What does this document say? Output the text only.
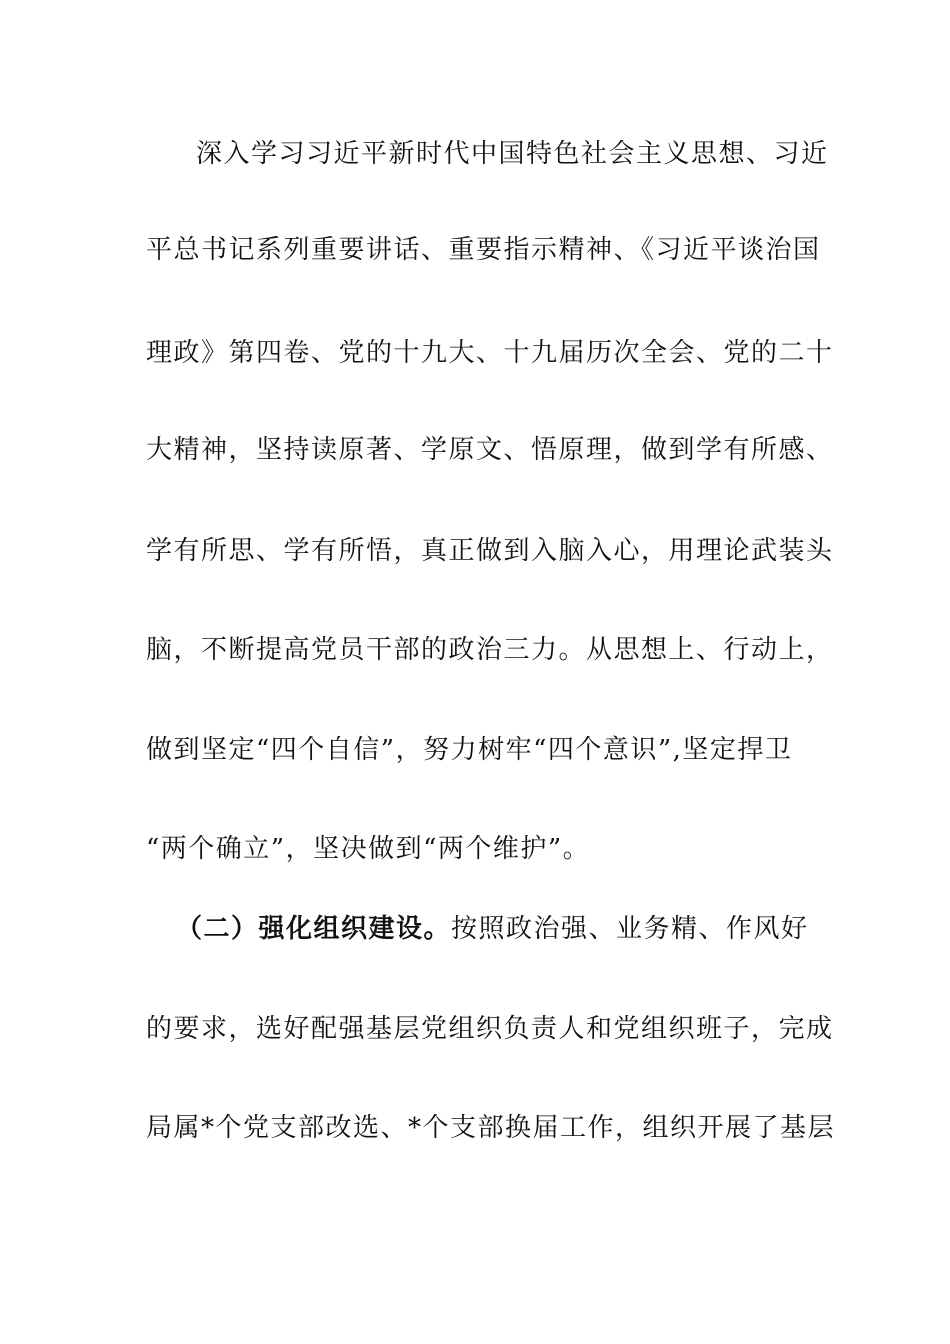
深入学习习近平新时代中国特色社会主义思想、习近
平总书记系列重要讲话、重要指示精神、《习近平谈治国
理政》第四卷、党的十九大、十九届历次全会、党的二十
大精神，坚持读原著、学原文、悟原理，做到学有所感、
学有所思、学有所悟，真正做到入脑入心，用理论武装头
脑，不断提高党员干部的政治三力。从思想上、行动上，
做到坚定“四个自信”，努力树牢“四个意识”,坚定捍卫
“两个确立”，坚决做到“两个维护”。
（二）强化组织建设。按照政治强、业务精、作风好
的要求，选好配强基层党组织负责人和党组织班子，完成
局属*个党支部改选、*个支部换届工作，组织开展了基层
